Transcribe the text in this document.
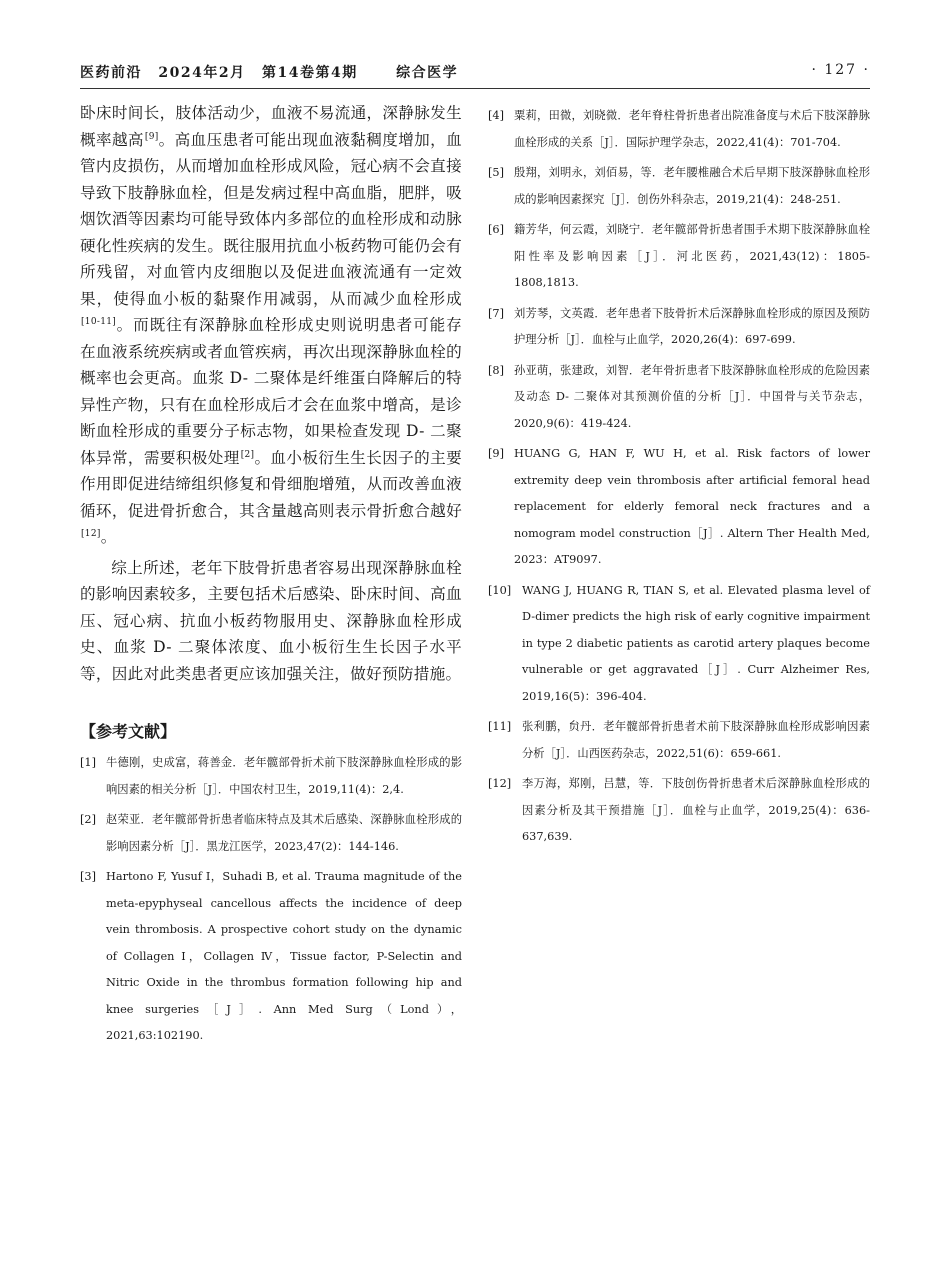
医药前沿 2024年2月 第14卷第4期	综合医学	· 127 ·

卧床时间长，肢体活动少，血液不易流通，深静脉发生概率越高[9]。高血压患者可能出现血液黏稠度增加，血管内皮损伤，从而增加血栓形成风险，冠心病不会直接导致下肢静脉血栓，但是发病过程中高血脂，肥胖，吸烟饮酒等因素均可能导致体内多部位的血栓形成和动脉硬化性疾病的发生。既往服用抗血小板药物可能仍会有所残留，对血管内皮细胞以及促进血液流通有一定效果，使得血小板的黏聚作用减弱，从而减少血栓形成[10-11]。而既往有深静脉血栓形成史则说明患者可能存在血液系统疾病或者血管疾病，再次出现深静脉血栓的概率也会更高。血浆 D- 二聚体是纤维蛋白降解后的特异性产物，只有在血栓形成后才会在血浆中增高，是诊断血栓形成的重要分子标志物，如果检查发现 D- 二聚体异常，需要积极处理[2]。血小板衍生生长因子的主要作用即促进结缔组织修复和骨细胞增殖，从而改善血液循环，促进骨折愈合，其含量越高则表示骨折愈合越好[12]。

综上所述，老年下肢骨折患者容易出现深静脉血栓的影响因素较多，主要包括术后感染、卧床时间、高血压、冠心病、抗血小板药物服用史、深静脉血栓形成史、血浆 D- 二聚体浓度、血小板衍生生长因子水平等，因此对此类患者更应该加强关注，做好预防措施。

【参考文献】
[1] 牛德刚，史成富，蒋善金．老年髋部骨折术前下肢深静脉血栓形成的影响因素的相关分析［J］．中国农村卫生，2019,11(4)：2,4.
[2] 赵荣亚．老年髋部骨折患者临床特点及其术后感染、深静脉血栓形成的影响因素分析［J］．黑龙江医学，2023,47(2)：144-146.
[3] Hartono F, Yusuf I，Suhadi B, et al. Trauma magnitude of the meta-epyphyseal cancellous affects the incidence of deep vein thrombosis. A prospective cohort study on the dynamic of Collagen Ⅰ，Collagen Ⅳ，Tissue factor, P-Selectin and Nitric Oxide in the thrombus formation following hip and knee surgeries［J］. Ann Med Surg（Lond），2021,63:102190.
[4] 粟莉，田微，刘晓微．老年脊柱骨折患者出院准备度与术后下肢深静脉血栓形成的关系［J］．国际护理学杂志，2022,41(4)：701-704.
[5] 殷翔，刘明永，刘佰易，等．老年腰椎融合术后早期下肢深静脉血栓形成的影响因素探究［J］．创伤外科杂志，2019,21(4)：248-251.
[6] 籍芳华，何云霞，刘晓宁．老年髋部骨折患者围手术期下肢深静脉血栓阳性率及影响因素［J］．河北医药，2021,43(12)：1805-1808,1813.
[7] 刘芳琴，文英霞．老年患者下肢骨折术后深静脉血栓形成的原因及预防护理分析［J］．血栓与止血学，2020,26(4)：697-699.
[8] 孙亚萌，张建政，刘智．老年骨折患者下肢深静脉血栓形成的危险因素及动态 D- 二聚体对其预测价值的分析［J］．中国骨与关节杂志，2020,9(6)：419-424.
[9] HUANG G, HAN F, WU H, et al. Risk factors of lower extremity deep vein thrombosis after artificial femoral head replacement for elderly femoral neck fractures and a nomogram model construction［J］. Altern Ther Health Med, 2023：AT9097.
[10] WANG J, HUANG R, TIAN S, et al. Elevated plasma level of D-dimer predicts the high risk of early cognitive impairment in type 2 diabetic patients as carotid artery plaques become vulnerable or get aggravated［J］. Curr Alzheimer Res, 2019,16(5)：396-404.
[11] 张利鹏，贠丹．老年髋部骨折患者术前下肢深静脉血栓形成影响因素分析［J］．山西医药杂志，2022,51(6)：659-661.
[12] 李万海，郑刚，吕慧，等．下肢创伤骨折患者术后深静脉血栓形成的因素分析及其干预措施［J］．血栓与止血学，2019,25(4)：636-637,639.
